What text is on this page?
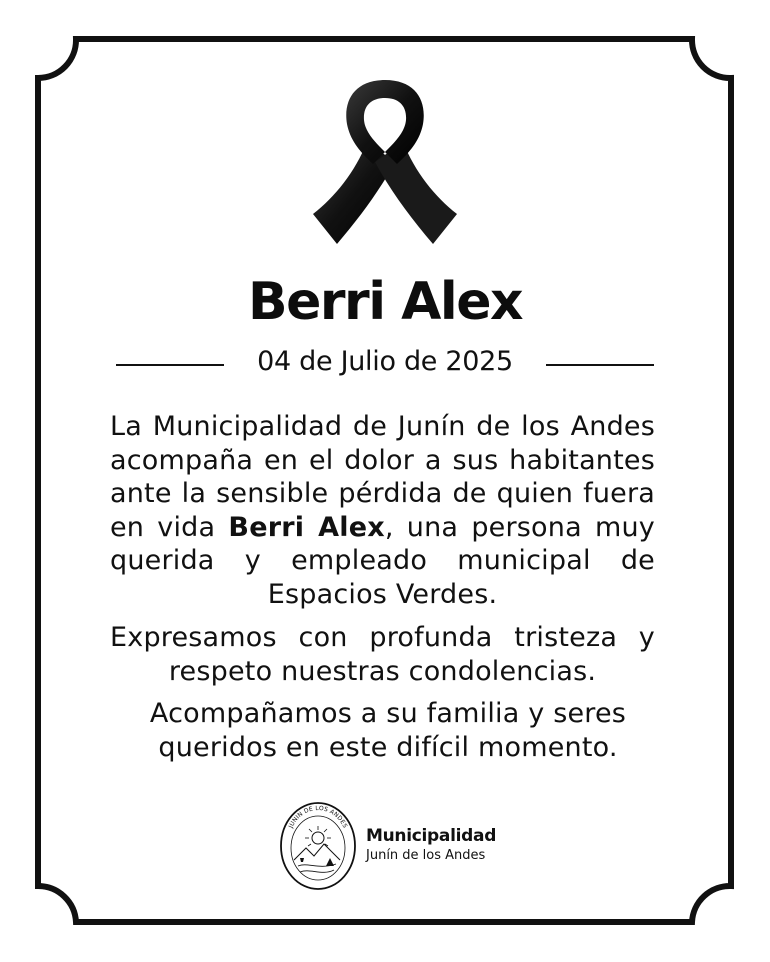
Berri Alex
04 de Julio de 2025
La Municipalidad de Junín de los Andes acompaña en el dolor a sus habitantes ante la sensible pérdida de quien fuera en vida Berri Alex, una persona muy querida y empleado municipal de Espacios Verdes.
Expresamos con profunda tristeza y respeto nuestras condolencias.
Acompañamos a su familia y seres queridos en este difícil momento.
JUNIN DE LOS ANDES
Municipalidad
Junín de los Andes
